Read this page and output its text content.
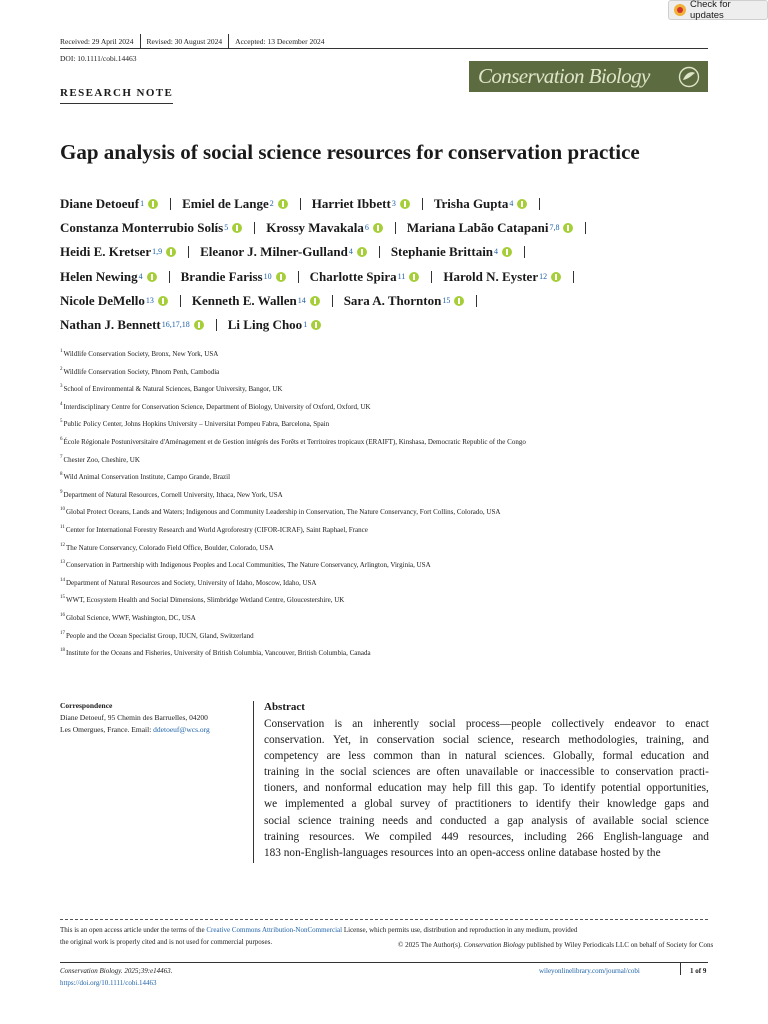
Check for updates
Received: 29 April 2024 Revised: 30 August 2024 Accepted: 13 December 2024
DOI: 10.1111/cobi.14463
Conservation Biology
RESEARCH NOTE
Gap analysis of social science resources for conservation practice
Diane Detoeuf 1	Emiel de Lange 2	Harriet Ibbett 3	Trisha Gupta 4
Constanza Monterrubio Solís 5	Krossy Mavakala 6	Mariana Labão Catapani 7,8
Heidi E. Kretser 1,9	Eleanor J. Milner-Gulland 4	Stephanie Brittain 4
Helen Newing 4	Brandie Fariss 10	Charlotte Spira 11	Harold N. Eyster 12
Nicole DeMello 13	Kenneth E. Wallen 14	Sara A. Thornton 15
Nathan J. Bennett 16,17,18	Li Ling Choo 1
1 Wildlife Conservation Society, Bronx, New York, USA
2 Wildlife Conservation Society, Phnom Penh, Cambodia
3 School of Environmental & Natural Sciences, Bangor University, Bangor, UK
4 Interdisciplinary Centre for Conservation Science, Department of Biology, University of Oxford, Oxford, UK
5 Public Policy Center, Johns Hopkins University – Universitat Pompeu Fabra, Barcelona, Spain
6 École Régionale Postuniversitaire d'Aménagement et de Gestion intégrés des Forêts et Territoires tropicaux (ERAIFT), Kinshasa, Democratic Republic of the Congo
7 Chester Zoo, Cheshire, UK
8 Wild Animal Conservation Institute, Campo Grande, Brazil
9 Department of Natural Resources, Cornell University, Ithaca, New York, USA
10 Global Protect Oceans, Lands and Waters; Indigenous and Community Leadership in Conservation, The Nature Conservancy, Fort Collins, Colorado, USA
11 Center for International Forestry Research and World Agroforestry (CIFOR-ICRAF), Saint Raphael, France
12 The Nature Conservancy, Colorado Field Office, Boulder, Colorado, USA
13 Conservation in Partnership with Indigenous Peoples and Local Communities, The Nature Conservancy, Arlington, Virginia, USA
14 Department of Natural Resources and Society, University of Idaho, Moscow, Idaho, USA
15 WWT, Ecosystem Health and Social Dimensions, Slimbridge Wetland Centre, Gloucestershire, UK
16 Global Science, WWF, Washington, DC, USA
17 People and the Ocean Specialist Group, IUCN, Gland, Switzerland
18 Institute for the Oceans and Fisheries, University of British Columbia, Vancouver, British Columbia, Canada
Correspondence
Diane Detoeuf, 95 Chemin des Barruelles, 04200
Les Omergues, France. Email: ddetoeuf@wcs.org
Abstract
Conservation is an inherently social process—people collectively endeavor to enact
conservation. Yet, in conservation social science, research methodologies, training, and
competency are less common than in natural sciences. Globally, formal education and
training in the social sciences are often unavailable or inaccessible to conservation practi-
tioners, and nonformal education may help fill this gap. To identify potential opportunities,
we implemented a global survey of practitioners to identify their knowledge gaps and
social science training needs and conducted a gap analysis of available social science
training resources. We compiled 449 resources, including 266 English-language and
183 non-English-languages resources into an open-access online database hosted by the
This is an open access article under the terms of the Creative Commons Attribution-NonCommercial License, which permits use, distribution and reproduction in any medium, provided
the original work is properly cited and is not used for commercial purposes.	© 2025 The Author(s). Conservation Biology published by Wiley Periodicals LLC on behalf of Society for Cons
Conservation Biology. 2025;39:e14463.
https://doi.org/10.1111/cobi.14463
wileyonlinelibrary.com/journal/cobi	1 of 9
